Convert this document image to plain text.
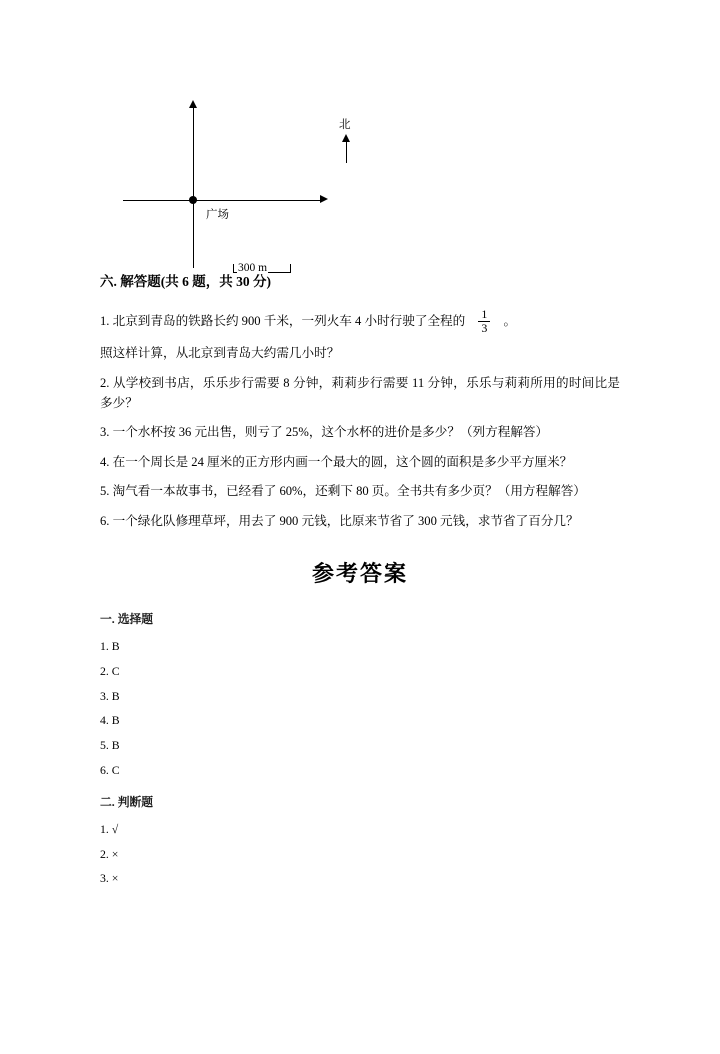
广场
北
300 m
六. 解答题(共 6 题，共 30 分)
1. 北京到青岛的铁路长约 900 千米，一列火车 4 小时行驶了全程的 $\frac{1}{3}$ 。
照这样计算，从北京到青岛大约需几小时？
2. 从学校到书店，乐乐步行需要 8 分钟，莉莉步行需要 11 分钟，乐乐与莉莉所用的时间比是多少？
3. 一个水杯按 36 元出售，则亏了 25%，这个水杯的进价是多少？（列方程解答）
4. 在一个周长是 24 厘米的正方形内画一个最大的圆，这个圆的面积是多少平方厘米？
5. 淘气看一本故事书，已经看了 60%，还剩下 80 页。全书共有多少页？（用方程解答）
6. 一个绿化队修理草坪，用去了 900 元钱，比原来节省了 300 元钱，求节省了百分几？
参考答案
一. 选择题
1. B
2. C
3. B
4. B
5. B
6. C
二. 判断题
1. √
2. ×
3. ×
